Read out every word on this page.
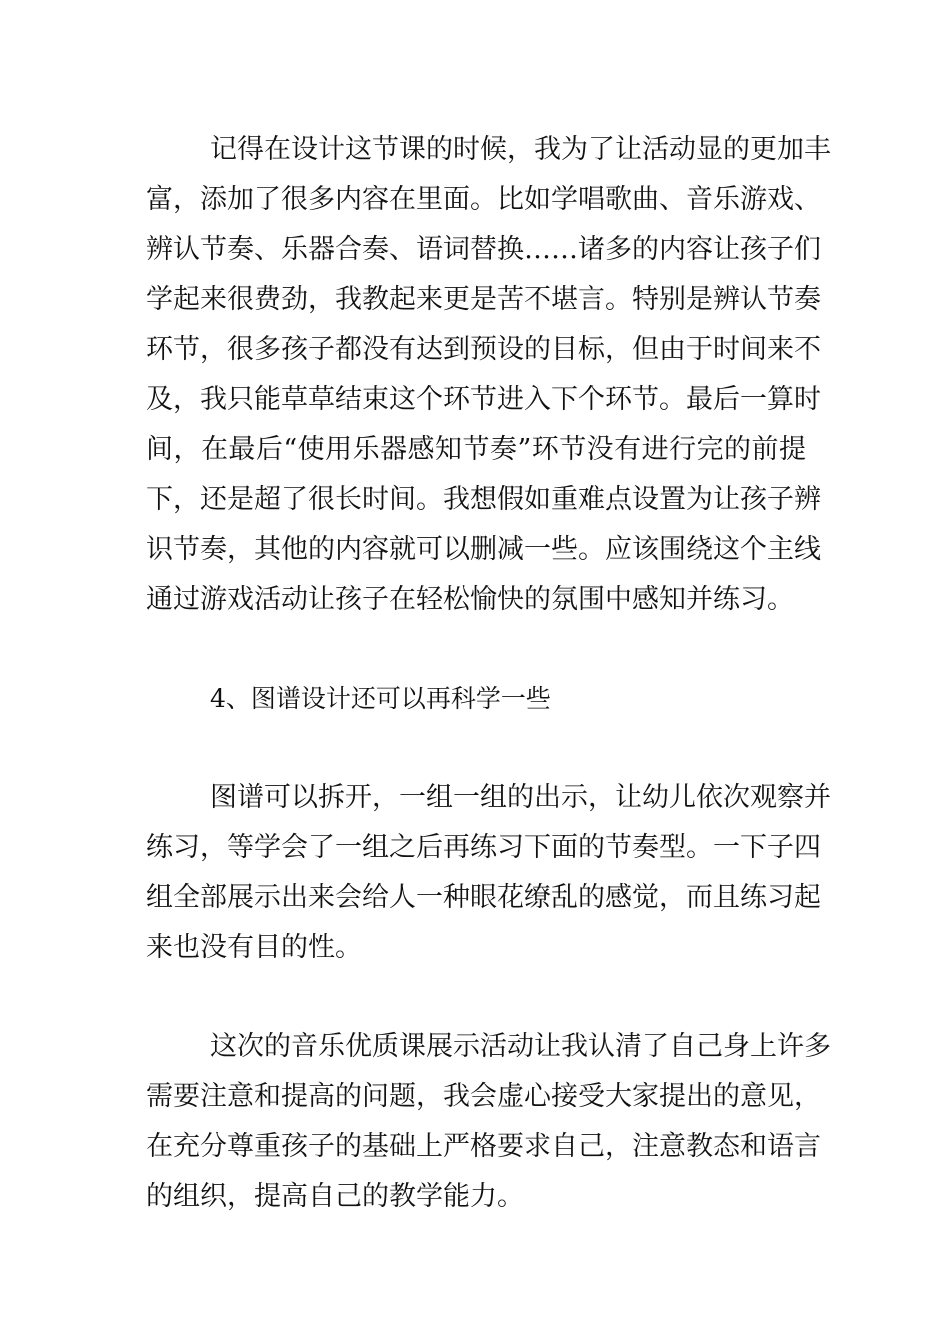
记得在设计这节课的时候，我为了让活动显的更加丰

富，添加了很多内容在里面。比如学唱歌曲、音乐游戏、

辨认节奏、乐器合奏、语词替换……诸多的内容让孩子们

学起来很费劲，我教起来更是苦不堪言。特别是辨认节奏

环节，很多孩子都没有达到预设的目标，但由于时间来不

及，我只能草草结束这个环节进入下个环节。最后一算时

间，在最后“使用乐器感知节奏”环节没有进行完的前提

下，还是超了很长时间。我想假如重难点设置为让孩子辨

识节奏，其他的内容就可以删减一些。应该围绕这个主线

通过游戏活动让孩子在轻松愉快的氛围中感知并练习。

4、图谱设计还可以再科学一些

图谱可以拆开，一组一组的出示，让幼儿依次观察并

练习，等学会了一组之后再练习下面的节奏型。一下子四

组全部展示出来会给人一种眼花缭乱的感觉，而且练习起

来也没有目的性。

这次的音乐优质课展示活动让我认清了自己身上许多

需要注意和提高的问题，我会虚心接受大家提出的意见，

在充分尊重孩子的基础上严格要求自己，注意教态和语言

的组织，提高自己的教学能力。
